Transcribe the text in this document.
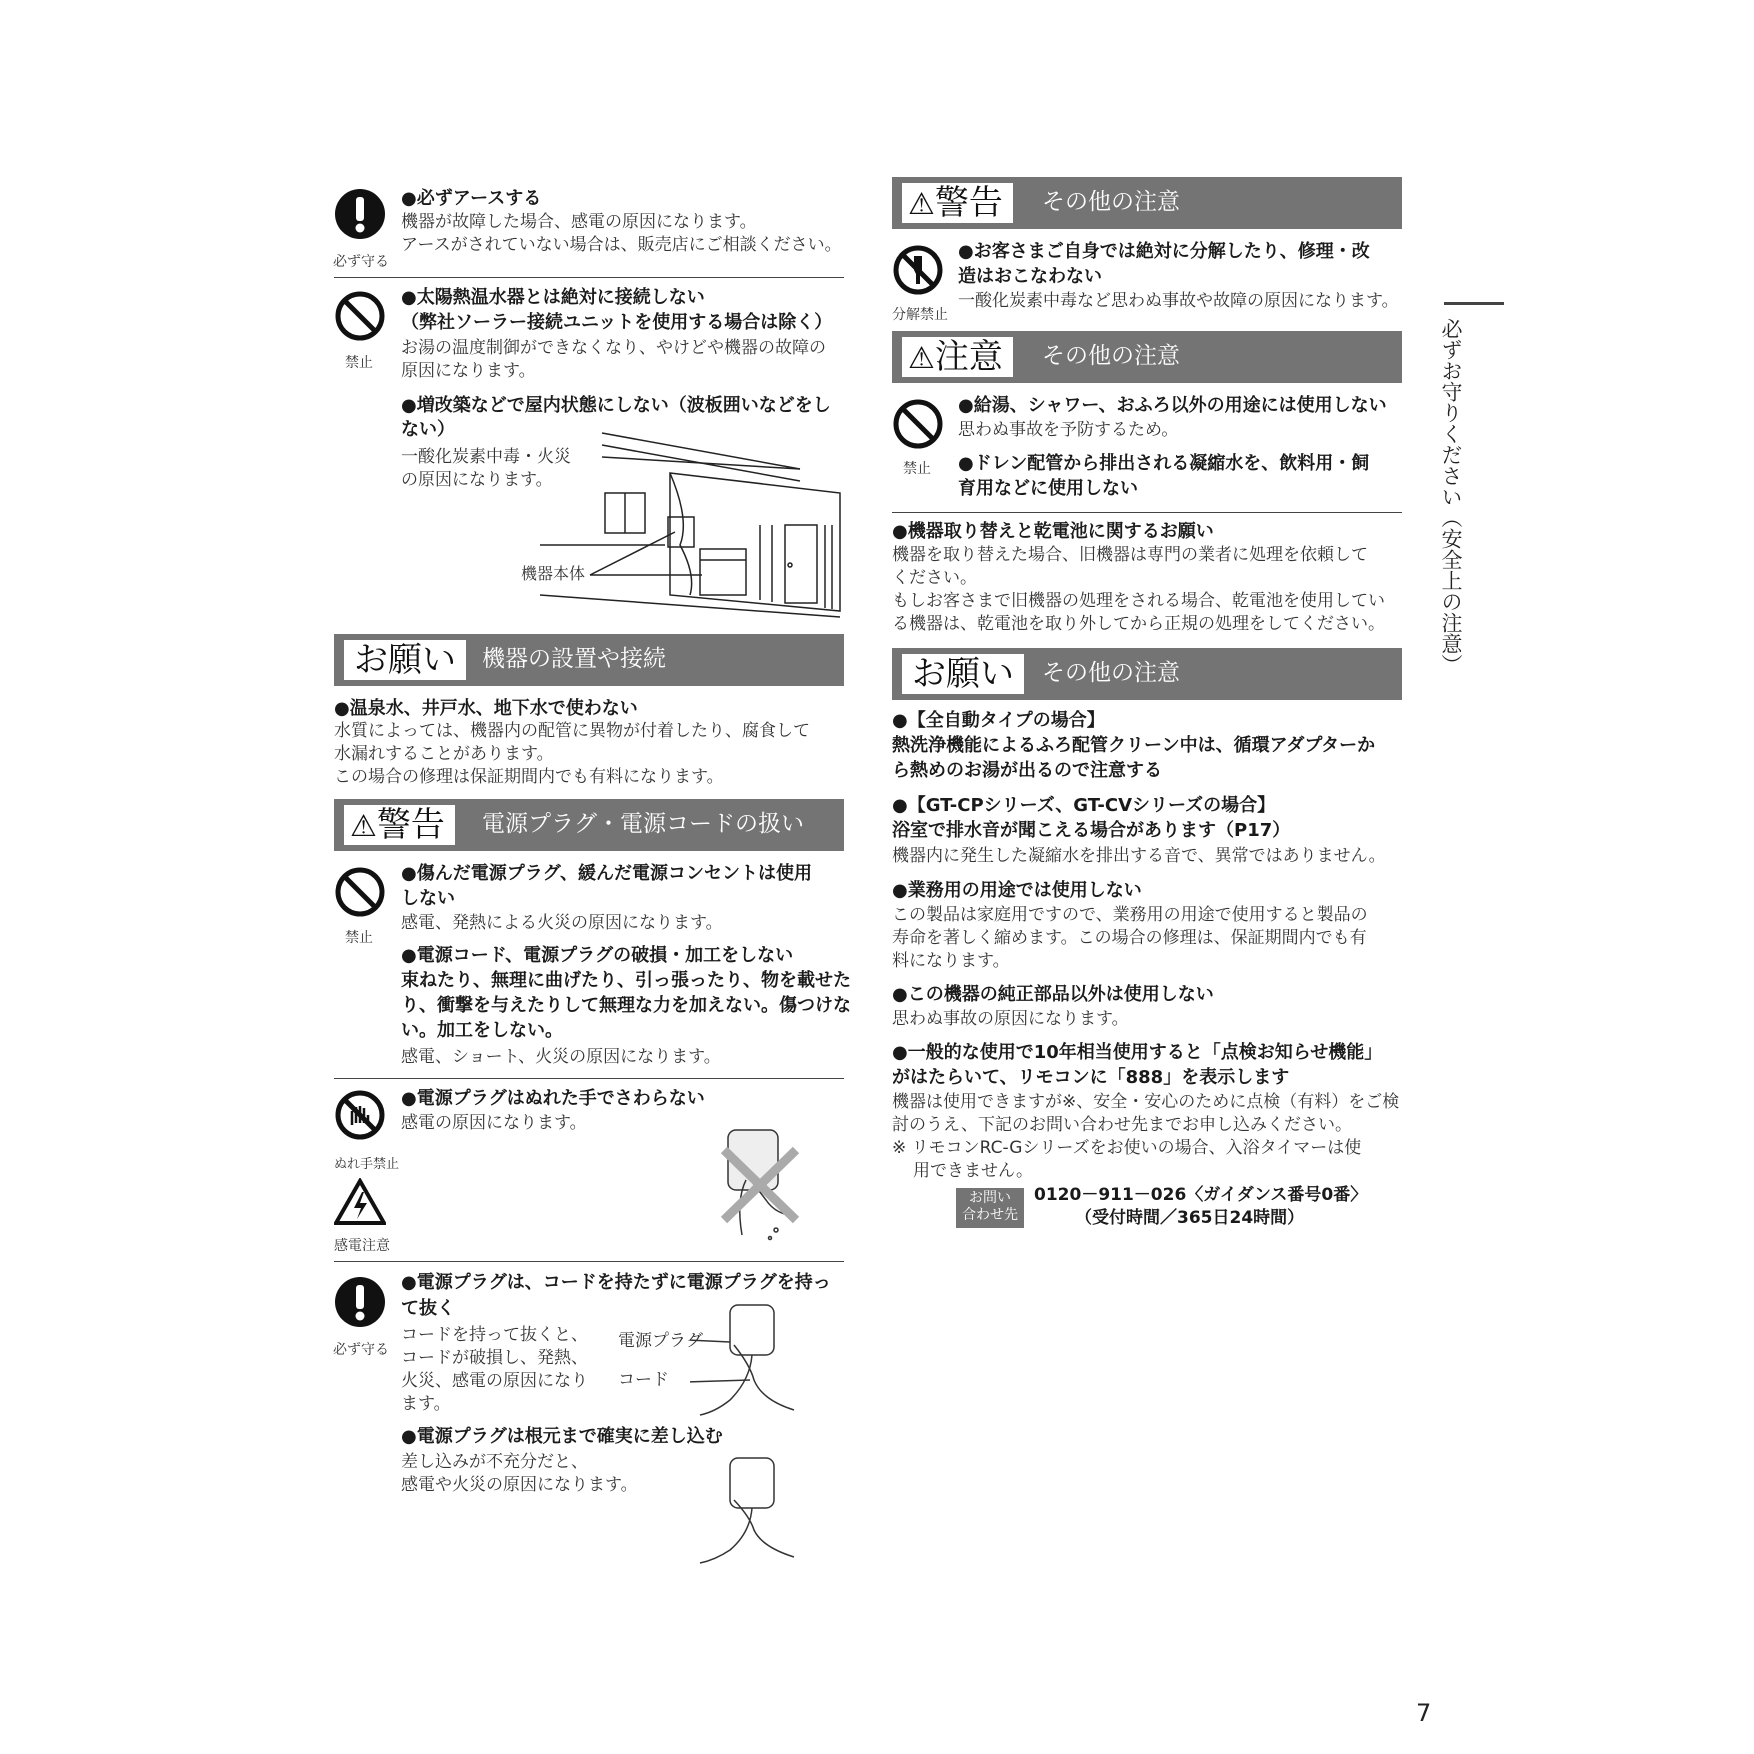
必ず守る
●必ずアースする
機器が故障した場合、感電の原因になります。
アースがされていない場合は、販売店にご相談ください。
禁止
●太陽熱温水器とは絶対に接続しない
（弊社ソーラー接続ユニットを使用する場合は除く）
お湯の温度制御ができなくなり、やけどや機器の故障の
原因になります。
●増改築などで屋内状態にしない（波板囲いなどをし
ない）
一酸化炭素中毒・火災
の原因になります。
機器本体
お願い	機器の設置や接続
●温泉水、井戸水、地下水で使わない
水質によっては、機器内の配管に異物が付着したり、腐食して
水漏れすることがあります。
この場合の修理は保証期間内でも有料になります。
⚠警告	電源プラグ・電源コードの扱い
禁止
●傷んだ電源プラグ、緩んだ電源コンセントは使用
しない
感電、発熱による火災の原因になります。
●電源コード、電源プラグの破損・加工をしない
束ねたり、無理に曲げたり、引っ張ったり、物を載せた
り、衝撃を与えたりして無理な力を加えない。傷つけな
い。加工をしない。
感電、ショート、火災の原因になります。
ぬれ手禁止
感電注意
●電源プラグはぬれた手でさわらない
感電の原因になります。
必ず守る
●電源プラグは、コードを持たずに電源プラグを持っ
て抜く
コードを持って抜くと、
コードが破損し、発熱、
火災、感電の原因になり
ます。
電源プラグ
コード
●電源プラグは根元まで確実に差し込む
差し込みが不充分だと、
感電や火災の原因になります。
⚠警告	その他の注意
分解禁止
●お客さまご自身では絶対に分解したり、修理・改
造はおこなわない
一酸化炭素中毒など思わぬ事故や故障の原因になります。
⚠注意	その他の注意
禁止
●給湯、シャワー、おふろ以外の用途には使用しない
思わぬ事故を予防するため。
●ドレン配管から排出される凝縮水を、飲料用・飼
育用などに使用しない
●機器取り替えと乾電池に関するお願い
機器を取り替えた場合、旧機器は専門の業者に処理を依頼して
ください。
もしお客さまで旧機器の処理をされる場合、乾電池を使用してい
る機器は、乾電池を取り外してから正規の処理をしてください。
お願い	その他の注意
●【全自動タイプの場合】
熱洗浄機能によるふろ配管クリーン中は、循環アダプターか
ら熱めのお湯が出るので注意する
●【GT-CPシリーズ、GT-CVシリーズの場合】
浴室で排水音が聞こえる場合があります（P17）
機器内に発生した凝縮水を排出する音で、異常ではありません。
●業務用の用途では使用しない
この製品は家庭用ですので、業務用の用途で使用すると製品の
寿命を著しく縮めます。この場合の修理は、保証期間内でも有
料になります。
●この機器の純正部品以外は使用しない
思わぬ事故の原因になります。
●一般的な使用で10年相当使用すると「点検お知らせ機能」
がはたらいて、リモコンに「888」を表示します
機器は使用できますが※、安全・安心のために点検（有料）をご検
討のうえ、下記のお問い合わせ先までお申し込みください。
※ リモコンRC-Gシリーズをお使いの場合、入浴タイマーは使
用できません。
お問い
合わせ先
0120－911－026〈ガイダンス番号0番〉
（受付時間／365日24時間）
必ずお守りください（安全上の注意）
7
